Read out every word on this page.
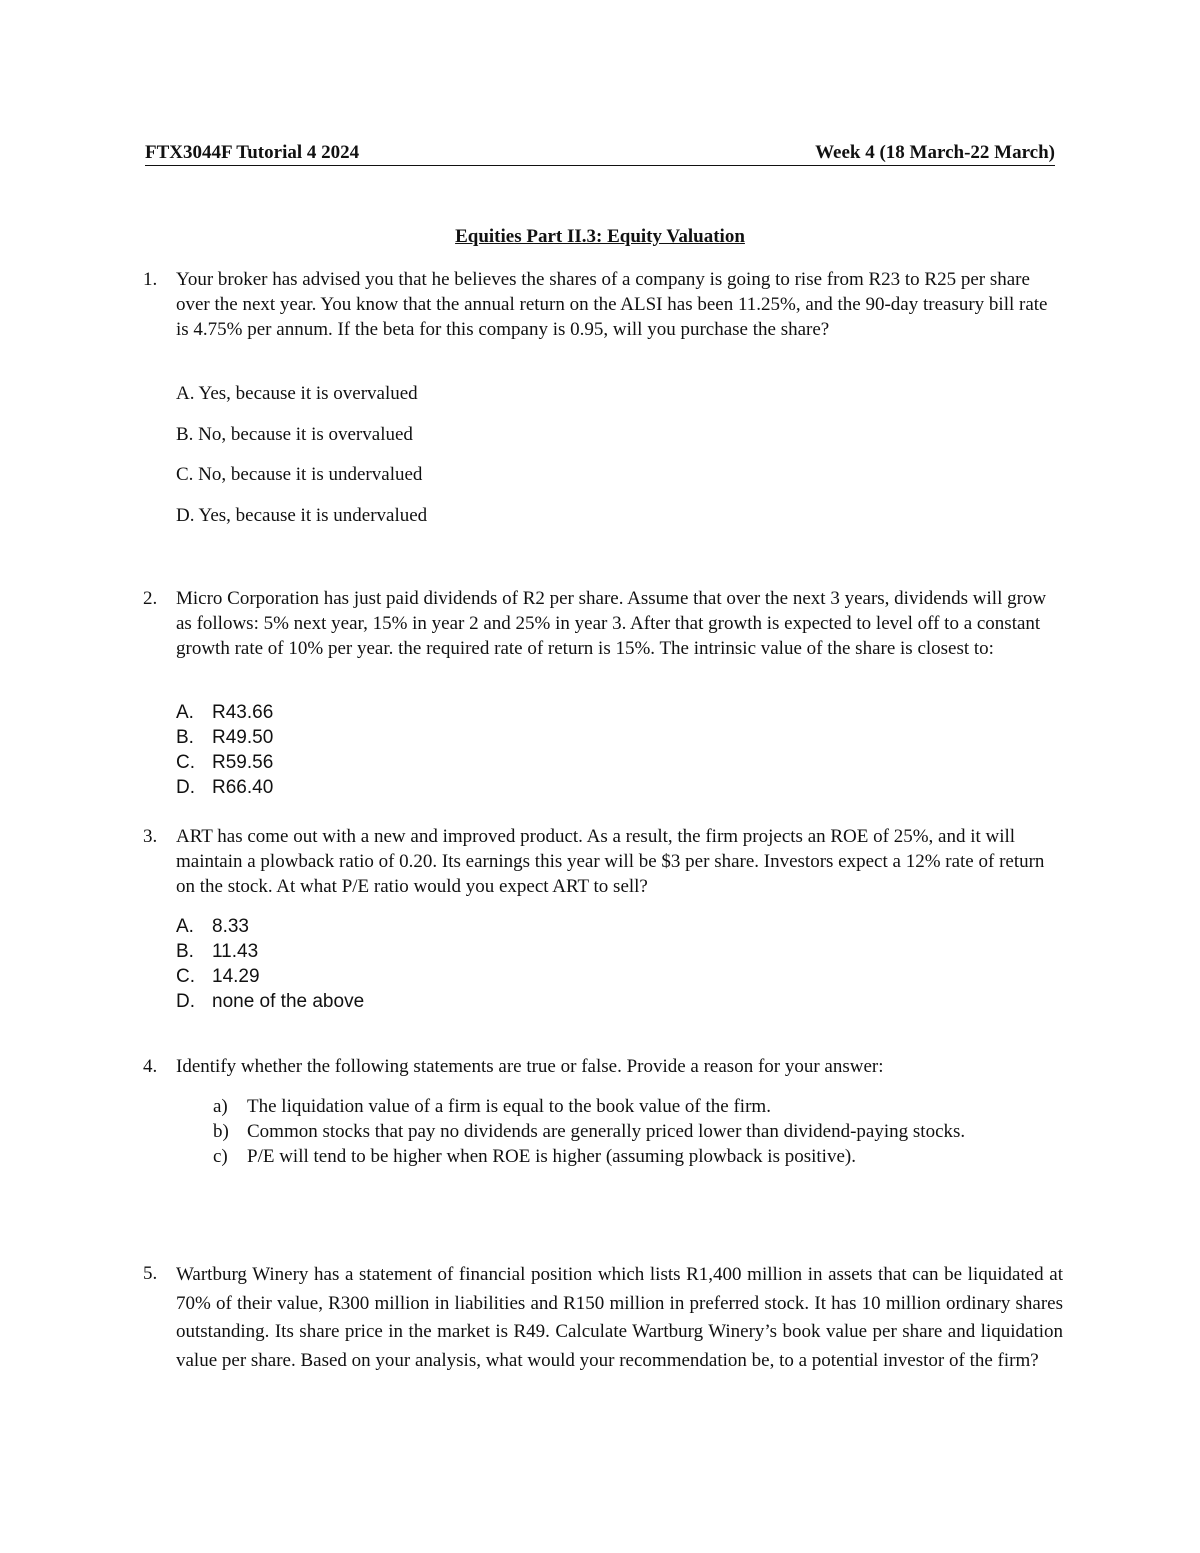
FTX3044F Tutorial 4 2024	Week 4 (18 March-22 March)
Equities Part II.3: Equity Valuation
1. Your broker has advised you that he believes the shares of a company is going to rise from R23 to R25 per share over the next year. You know that the annual return on the ALSI has been 11.25%, and the 90-day treasury bill rate is 4.75% per annum. If the beta for this company is 0.95, will you purchase the share?
A. Yes, because it is overvalued
B. No, because it is overvalued
C. No, because it is undervalued
D. Yes, because it is undervalued
2. Micro Corporation has just paid dividends of R2 per share. Assume that over the next 3 years, dividends will grow as follows: 5% next year, 15% in year 2 and 25% in year 3. After that growth is expected to level off to a constant growth rate of 10% per year. the required rate of return is 15%. The intrinsic value of the share is closest to:
A. R43.66
B. R49.50
C. R59.56
D. R66.40
3. ART has come out with a new and improved product. As a result, the firm projects an ROE of 25%, and it will maintain a plowback ratio of 0.20. Its earnings this year will be $3 per share. Investors expect a 12% rate of return on the stock. At what P/E ratio would you expect ART to sell?
A. 8.33
B. 11.43
C. 14.29
D. none of the above
4. Identify whether the following statements are true or false. Provide a reason for your answer:
a)	The liquidation value of a firm is equal to the book value of the firm.
b) Common stocks that pay no dividends are generally priced lower than dividend-paying stocks.
c)	P/E will tend to be higher when ROE is higher (assuming plowback is positive).
5. Wartburg Winery has a statement of financial position which lists R1,400 million in assets that can be liquidated at 70% of their value, R300 million in liabilities and R150 million in preferred stock. It has 10 million ordinary shares outstanding. Its share price in the market is R49. Calculate Wartburg Winery’s book value per share and liquidation value per share. Based on your analysis, what would your recommendation be, to a potential investor of the firm?
